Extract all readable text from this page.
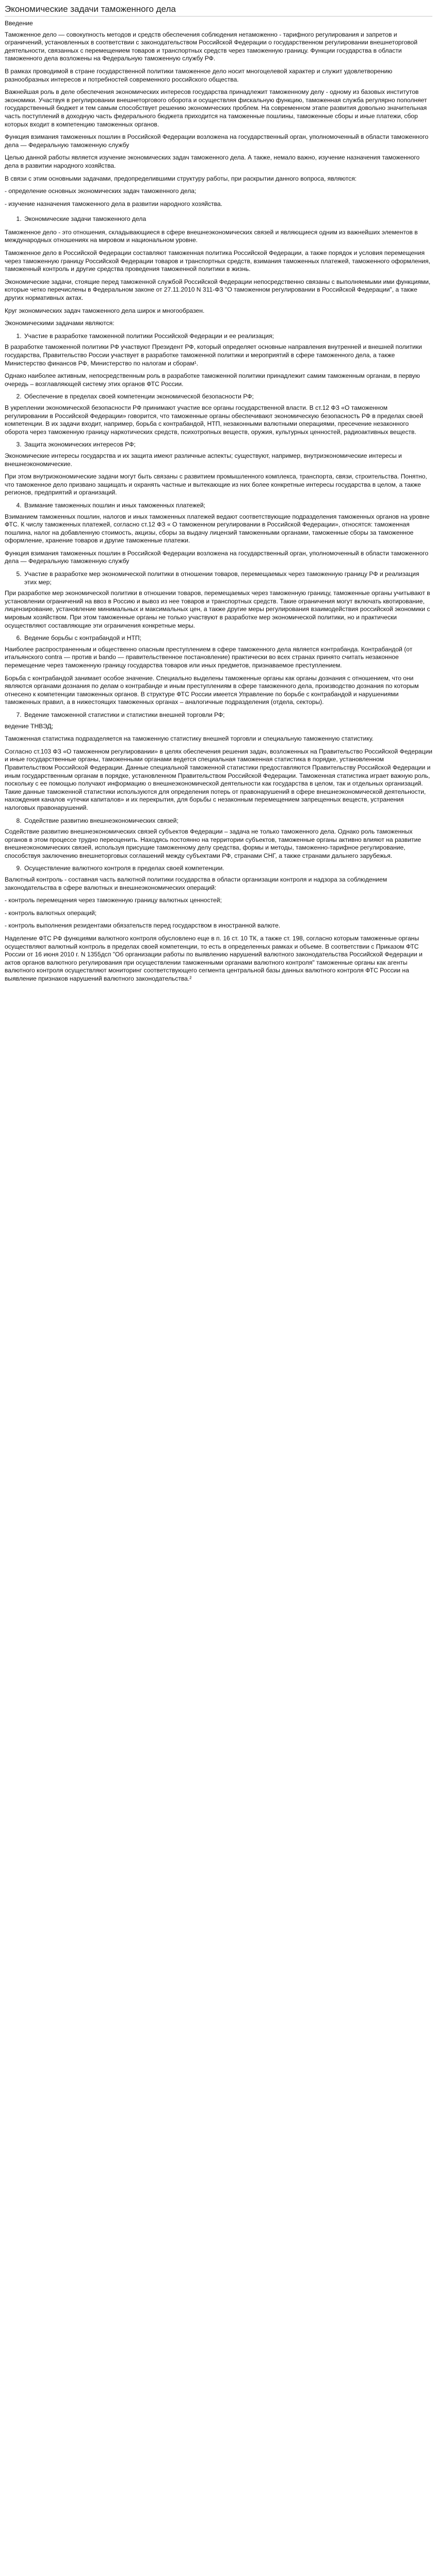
Экономические задачи таможенного дела

Введение

Таможенное дело — совокупность методов и средств обеспечения соблюдения нетаможенно - тарифного регулирования и запретов и ограничений, установленных в соответствии с законодательством Российской Федерации о государственном регулировании внешнеторговой деятельности, связанных с перемещением товаров и транспортных средств через таможенную границу. Функции государства в области таможенного дела возложены на Федеральную таможенную службу РФ.

В рамках проводимой в стране государственной политики таможенное дело носит многоцелевой характер и служит удовлетворению разнообразных интересов и потребностей современного российского общества.

Важнейшая роль в деле обеспечения экономических интересов государства принадлежит таможенному делу - одному из базовых институтов экономики. Участвуя в регулировании внешнеторгового оборота и осуществляя фискальную функцию, таможенная служба регулярно пополняет государственный бюджет и тем самым способствует решению экономических проблем. На современном этапе развития довольно значительная часть поступлений в доходную часть федерального бюджета приходится на таможенные пошлины, таможенные сборы и иные платежи, сбор которых входит в компетенцию таможенных органов.

Функция взимания таможенных пошлин в Российской Федерации возложена на государственный орган, уполномоченный в области таможенного дела — Федеральную таможенную службу

Целью данной работы является изучение экономических задач таможенного дела. А также, немало важно, изучение назначения таможенного дела в развитии народного хозяйства.

В связи с этим основными задачами, предопределившими структуру работы, при раскрытии данного вопроса, являются:

- определение основных экономических задач таможенного дела;

- изучение назначения таможенного дела в развитии народного хозяйства.

1. Экономические задачи таможенного дела

Таможенное дело - это отношения, складывающиеся в сфере внешнеэкономических связей и являющиеся одним из важнейших элементов в международных отношениях на мировом и национальном уровне.

Таможенное дело в Российской Федерации составляют таможенная политика Российской Федерации, а также порядок и условия перемещения через таможенную границу Российской Федерации товаров и транспортных средств, взимания таможенных платежей, таможенного оформления, таможенный контроль и другие средства проведения таможенной политики в жизнь.

Экономические задачи, стоящие перед таможенной службой Российской Федерации непосредственно связаны с выполняемыми ими функциями, которые четко перечислены в Федеральном законе от 27.11.2010 N 311-ФЗ "О таможенном регулировании в Российской Федерации", а также других нормативных актах.

Круг экономических задач таможенного дела широк и многообразен.

Экономическими задачами являются:

1. Участие в разработке таможенной политики Российской Федерации и ее реализация;

В разработке таможенной политики РФ участвуют Президент РФ, который определяет основные направления внутренней и внешней политики государства, Правительство России участвует в разработке таможенной политики и мероприятий в сфере таможенного дела, а также Министерство финансов РФ, Министерство по налогам и сборам¹.

Однако наиболее активным, непосредственным роль в разработке таможенной политики принадлежит самим таможенным органам, в первую очередь – возглавляющей систему этих органов ФТС России.

2. Обеспечение в пределах своей компетенции экономической безопасности РФ;

В укреплении экономической безопасности РФ принимают участие все органы государственной власти. В ст.12 ФЗ «О таможенном регулировании в Российской Федерации» говорится, что таможенные органы обеспечивают экономическую безопасность РФ в пределах своей компетенции. В их задачи входит, например, борьба с контрабандой, НТП, незаконными валютными операциями, пресечение незаконного оборота через таможенную границу наркотических средств, психотропных веществ, оружия, культурных ценностей, радиоактивных веществ.

3. Защита экономических интересов РФ;

Экономические интересы государства и их защита имеют различные аспекты; существуют, например, внутриэкономические интересы и внешнеэкономические.

При этом внутриэкономические задачи могут быть связаны с развитием промышленного комплекса, транспорта, связи, строительства. Понятно, что таможенное дело призвано защищать и охранять частные и вытекающие из них более конкретные интересы государства в целом, а также регионов, предприятий и организаций.

4. Взимание таможенных пошлин и иных таможенных платежей;

Взиманием таможенных пошлин, налогов и иных таможенных платежей ведают соответствующие подразделения таможенных органов на уровне ФТС. К числу таможенных платежей, согласно ст.12 ФЗ « О таможенном регулировании в Российской Федерации», относятся: таможенная пошлина, налог на добавленную стоимость, акцизы, сборы за выдачу лицензий таможенными органами, таможенные сборы за таможенное оформление, хранение товаров и другие таможенные платежи.

Функция взимания таможенных пошлин в Российской Федерации возложена на государственный орган, уполномоченный в области таможенного дела — Федеральную таможенную службу

5. Участие в разработке мер экономической политики в отношении товаров, перемещаемых через таможенную границу РФ и реализация этих мер;

При разработке мер экономической политики в отношении товаров, перемещаемых через таможенную границу, таможенные органы учитывают в установлении ограничений на ввоз в Россию и вывоз из нее товаров и транспортных средств. Такие ограничения могут включать квотирование, лицензирование, установление минимальных и максимальных цен, а также другие меры регулирования взаимодействия российской экономики с мировым хозяйством. При этом таможенные органы не только участвуют в разработке мер экономической политики, но и практически осуществляют составляющие эти ограничения конкретные меры.

6. Ведение борьбы с контрабандой и НТП;

Наиболее распространенным и общественно опасным преступлением в сфере таможенного дела является контрабанда. Контрабандой (от итальянского contra — против и bando — правительственное постановление) практически во всех странах принято считать незаконное перемещение через таможенную границу государства товаров или иных предметов, признаваемое преступлением.

Борьба с контрабандой занимает особое значение. Специально выделены таможенные органы как органы дознания с отношением, что они являются органами дознания по делам о контрабанде и иным преступлениям в сфере таможенного дела, производство дознания по которым отнесено к компетенции таможенных органов. В структуре ФТС России имеется Управление по борьбе с контрабандой и нарушениями таможенных правил, а в нижестоящих таможенных органах – аналогичные подразделения (отдела, секторы).

7. Ведение таможенной статистики и статистики внешней торговли РФ;

ведение ТНВЭД;

Таможенная статистика подразделяется на таможенную статистику внешней торговли и специальную таможенную статистику.

Согласно ст.103 ФЗ «О таможенном регулировании» в целях обеспечения решения задач, возложенных на Правительство Российской Федерации и иные государственные органы, таможенными органами ведется специальная таможенная статистика в порядке, установленном Правительством Российской Федерации. Данные специальной таможенной статистики предоставляются Правительству Российской Федерации и иным государственным органам в порядке, установленном Правительством Российской Федерации. Таможенная статистика играет важную роль, поскольку с ее помощью получают информацию о внешнеэкономической деятельности как государства в целом, так и отдельных организаций. Такие данные таможенной статистики используются для определения потерь от правонарушений в сфере внешнеэкономической деятельности, нахождения каналов «утечки капиталов» и их перекрытия, для борьбы с незаконным перемещением запрещенных веществ, устранения налоговых правонарушений.

8. Содействие развитию внешнеэкономических связей;

Содействие развитию внешнеэкономических связей субъектов Федерации – задача не только таможенного дела. Однако роль таможенных органов в этом процессе трудно переоценить. Находясь постоянно на территории субъектов, таможенные органы активно влияют на развитие внешнеэкономических связей, используя присущие таможенному делу средства, формы и методы, таможенно-тарифное регулирование, способствуя заключению внешнеторговых соглашений между субъектами РФ, странами СНГ, а также странами дальнего зарубежья.

9. Осуществление валютного контроля в пределах своей компетенции.

Валютный контроль - составная часть валютной политики государства в области организации контроля и надзора за соблюдением законодательства в сфере валютных и внешнеэкономических операций:

- контроль перемещения через таможенную границу валютных ценностей;

- контроль валютных операций;

- контроль выполнения резидентами обязательств перед государством в иностранной валюте.

Наделение ФТС РФ функциями валютного контроля обусловлено еще в п. 16 ст. 10 ТК, а также ст. 198, согласно которым таможенные органы осуществляют валютный контроль в пределах своей компетенции, то есть в определенных рамках и объеме. В соответствии с Приказом ФТС России от 16 июня 2010 г. N 1355дсп "Об организации работы по выявлению нарушений валютного законодательства Российской Федерации и актов органов валютного регулирования при осуществлении таможенными органами валютного контроля" таможенные органы как агенты валютного контроля осуществляют мониторинг соответствующего сегмента центральной базы данных валютного контроля ФТС России на выявление признаков нарушений валютного законодательства.²
